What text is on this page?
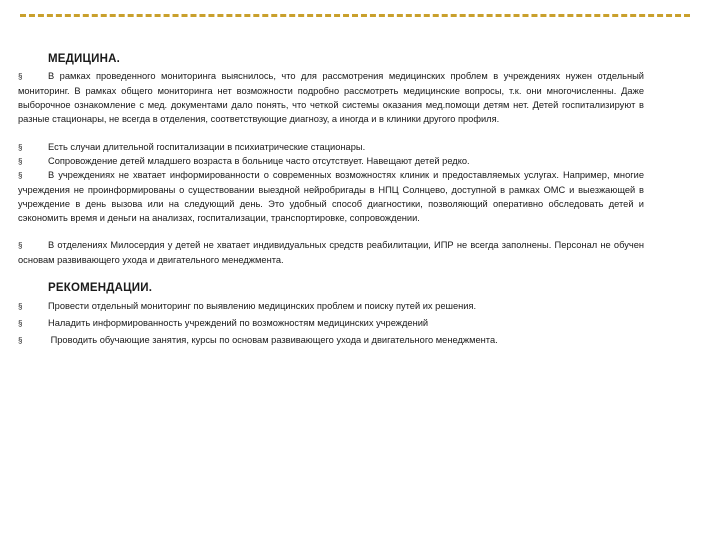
МЕДИЦИНА.

§	В рамках проведенного мониторинга выяснилось, что для рассмотрения медицинских проблем в учреждениях нужен отдельный мониторинг. В рамках общего мониторинга нет возможности подробно рассмотреть медицинские вопросы, т.к. они многочисленны. Даже выборочное ознакомление с мед. документами дало понять, что четкой системы оказания мед.помощи детям нет. Детей госпитализируют в разные стационары, не всегда в отделения, соответствующие диагнозу, а иногда и в клиники другого профиля.

§	Есть случаи длительной госпитализации в психиатрические стационары.

§	Сопровождение детей младшего возраста в больнице часто отсутствует. Навещают детей редко.

§	В учреждениях не хватает информированности о современных возможностях клиник и предоставляемых услугах. Например, многие учреждения не проинформированы о существовании выездной нейробригады в НПЦ Солнцево, доступной в рамках ОМС и выезжающей в учреждение в день вызова или на следующий день. Это удобный способ диагностики, позволяющий оперативно обследовать детей и сэкономить время и деньги на анализах, госпитализации, транспортировке, сопровождении.

§	В отделениях Милосердия у детей не хватает индивидуальных средств реабилитации, ИПР не всегда заполнены. Персонал не обучен основам развивающего ухода и двигательного менеджмента.

РЕКОМЕНДАЦИИ.

§	Провести отдельный мониторинг по выявлению медицинских проблем и поиску путей их решения.

§	Наладить информированность учреждений по возможностям медицинских учреждений

§	Проводить обучающие занятия, курсы по основам развивающего ухода и двигательного менеджмента.
